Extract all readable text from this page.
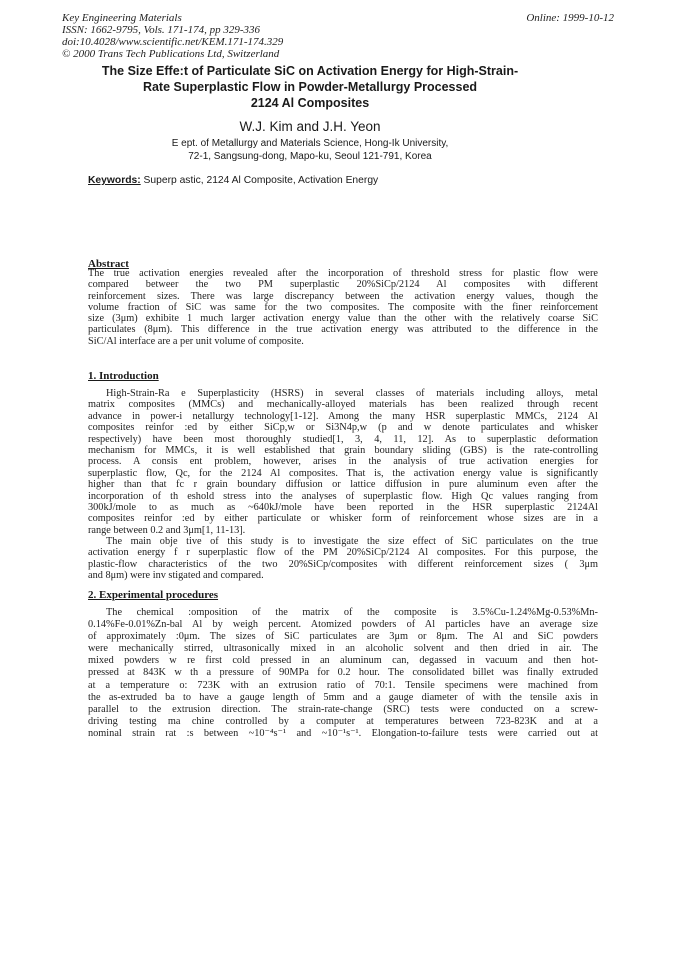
Key Engineering Materials
ISSN: 1662-9795, Vols. 171-174, pp 329-336
doi:10.4028/www.scientific.net/KEM.171-174.329
© 2000 Trans Tech Publications Ltd, Switzerland
Online: 1999-10-12
The Size Effe:t of Particulate SiC on Activation Energy for High-Strain-
Rate Superplastic Flow in Powder-Metallurgy Processed
2124 Al Composites
W.J. Kim and J.H. Yeon
E ept. of Metallurgy and Materials Science, Hong-Ik University,
72-1, Sangsung-dong, Mapo-ku, Seoul 121-791, Korea
Keywords: Superp astic, 2124 Al Composite, Activation Energy
Abstract
The true activation energies revealed after the incorporation of threshold stress for plastic flow were
compared betweer the two PM superplastic 20%SiCp/2124 Al composites with different
reinforcement sizes. There was large discrepancy between the activation energy values, though the
volume fraction of SiC was same for the two composites. The composite with the finer reinforcement
size (3μm) exhibite 1 much larger activation energy value than the other with the relatively coarse SiC
particulates (8μm). This difference in the true activation energy was attributed to the difference in the
SiC/Al interface are a per unit volume of composite.
1. Introduction
High-Strain-Ra e Superplasticity (HSRS) in several classes of materials including alloys, metal
matrix composites (MMCs) and mechanically-alloyed materials has been realized through recent
advance in power-i netallurgy technology[1-12]. Among the many HSR superplastic MMCs, 2124 Al
composites reinfor :ed by either SiCp,w or Si3N4p,w (p and w denote particulates and whisker
respectively) have been most thoroughly studied[1, 3, 4, 11, 12]. As to superplastic deformation
mechanism for MMCs, it is well established that grain boundary sliding (GBS) is the rate-controlling
process. A consis ent problem, however, arises in the analysis of true activation energies for
superplastic flow, Qc, for the 2124 Al composites. That is, the activation energy value is significantly
higher than that fc r grain boundary diffusion or lattice diffusion in pure aluminum even after the
incorporation of th eshold stress into the analyses of superplastic flow. High Qc values ranging from
300kJ/mole to as much as ~640kJ/mole have been reported in the HSR superplastic 2124Al
composites reinfor :ed by either particulate or whisker form of reinforcement whose sizes are in a
range between 0.2 and 3μm[1, 11-13].
The main obje tive of this study is to investigate the size effect of SiC particulates on the true
activation energy f r superplastic flow of the PM 20%SiCp/2124 Al composites. For this purpose, the
plastic-flow characteristics of the two 20%SiCp/composites with different reinforcement sizes ( 3μm
and 8μm) were inv stigated and compared.
2. Experimental procedures
The chemical :omposition of the matrix of the composite is 3.5%Cu-1.24%Mg-0.53%Mn-
0.14%Fe-0.01%Zn-bal Al by weigh percent. Atomized powders of Al particles have an average size
of approximately :0μm. The sizes of SiC particulates are 3μm or 8μm. The Al and SiC powders
were mechanically stirred, ultrasonically mixed in an alcoholic solvent and then dried in air. The
mixed powders w re first cold pressed in an aluminum can, degassed in vacuum and then hot-
pressed at 843K w th a pressure of 90MPa for 0.2 hour. The consolidated billet was finally extruded
at a temperature o: 723K with an extrusion ratio of 70:1. Tensile specimens were machined from
the as-extruded ba to have a gauge length of 5mm and a gauge diameter of with the tensile axis in
parallel to the extrusion direction. The strain-rate-change (SRC) tests were conducted on a screw-
driving testing ma chine controlled by a computer at temperatures between 723-823K and at a
nominal strain rat :s between ~10⁻⁴s⁻¹ and ~10⁻¹s⁻¹. Elongation-to-failure tests were carried out at
